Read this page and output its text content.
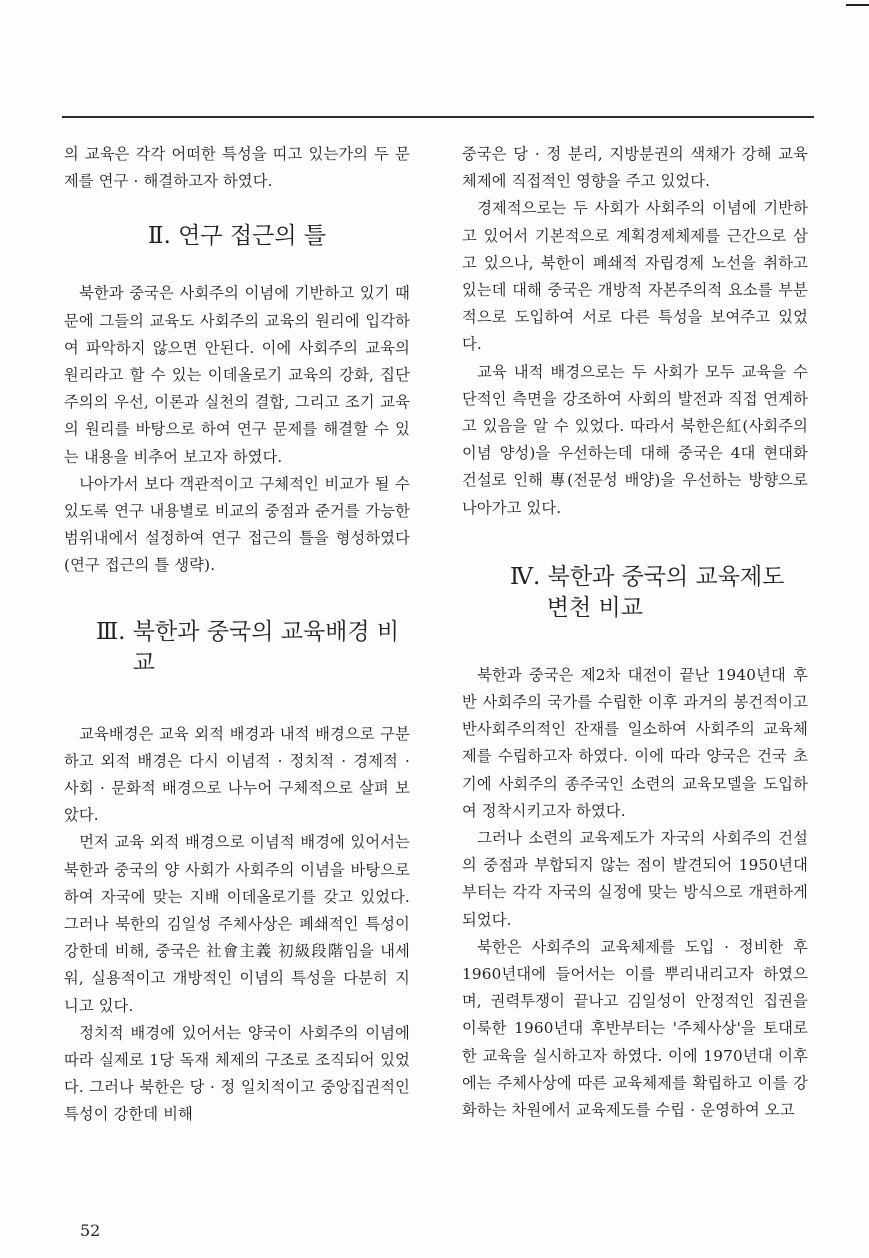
의 교육은 각각 어떠한 특성을 띠고 있는가의 두 문제를 연구 · 해결하고자 하였다.

Ⅱ. 연구 접근의 틀

북한과 중국은 사회주의 이념에 기반하고 있기 때문에 그들의 교육도 사회주의 교육의 원리에 입각하여 파악하지 않으면 안된다. 이에 사회주의 교육의 원리라고 할 수 있는 이데올로기 교육의 강화, 집단주의의 우선, 이론과 실천의 결합, 그리고 조기 교육의 원리를 바탕으로 하여 연구 문제를 해결할 수 있는 내용을 비추어 보고자 하였다.

나아가서 보다 객관적이고 구체적인 비교가 될 수 있도록 연구 내용별로 비교의 중점과 준거를 가능한 범위내에서 설정하여 연구 접근의 틀을 형성하였다(연구 접근의 틀 생략).

Ⅲ. 북한과 중국의 교육배경 비교

교육배경은 교육 외적 배경과 내적 배경으로 구분하고 외적 배경은 다시 이념적 · 정치적 · 경제적 · 사회 · 문화적 배경으로 나누어 구체적으로 살펴 보았다.

먼저 교육 외적 배경으로 이념적 배경에 있어서는 북한과 중국의 양 사회가 사회주의 이념을 바탕으로 하여 자국에 맞는 지배 이데올로기를 갖고 있었다. 그러나 북한의 김일성 주체사상은 폐쇄적인 특성이 강한데 비해, 중국은 社會主義 初級段階임을 내세워, 실용적이고 개방적인 이념의 특성을 다분히 지니고 있다.

정치적 배경에 있어서는 양국이 사회주의 이념에 따라 실제로 1당 독재 체제의 구조로 조직되어 있었다. 그러나 북한은 당 · 정 일치적이고 중앙집권적인 특성이 강한데 비해

중국은 당 · 정 분리, 지방분권의 색채가 강해 교육체제에 직접적인 영향을 주고 있었다.

경제적으로는 두 사회가 사회주의 이념에 기반하고 있어서 기본적으로 계획경제체제를 근간으로 삼고 있으나, 북한이 폐쇄적 자립경제 노선을 취하고 있는데 대해 중국은 개방적 자본주의적 요소를 부분적으로 도입하여 서로 다른 특성을 보여주고 있었다.

교육 내적 배경으로는 두 사회가 모두 교육을 수단적인 측면을 강조하여 사회의 발전과 직접 연계하고 있음을 알 수 있었다. 따라서 북한은紅(사회주의 이념 양성)을 우선하는데 대해 중국은 4대 현대화 건설로 인해 專(전문성 배양)을 우선하는 방향으로 나아가고 있다.

Ⅳ. 북한과 중국의 교육제도 변천 비교

북한과 중국은 제2차 대전이 끝난 1940년대 후반 사회주의 국가를 수립한 이후 과거의 봉건적이고 반사회주의적인 잔재를 일소하여 사회주의 교육체제를 수립하고자 하였다. 이에 따라 양국은 건국 초기에 사회주의 종주국인 소련의 교육모델을 도입하여 정착시키고자 하였다.

그러나 소련의 교육제도가 자국의 사회주의 건설의 중점과 부합되지 않는 점이 발견되어 1950년대부터는 각각 자국의 실정에 맞는 방식으로 개편하게 되었다.

북한은 사회주의 교육체제를 도입 · 정비한 후 1960년대에 들어서는 이를 뿌리내리고자 하였으며, 권력투쟁이 끝나고 김일성이 안정적인 집권을 이룩한 1960년대 후반부터는 '주체사상'을 토대로 한 교육을 실시하고자 하였다. 이에 1970년대 이후에는 주체사상에 따른 교육체제를 확립하고 이를 강화하는 차원에서 교육제도를 수립 · 운영하여 오고

52
